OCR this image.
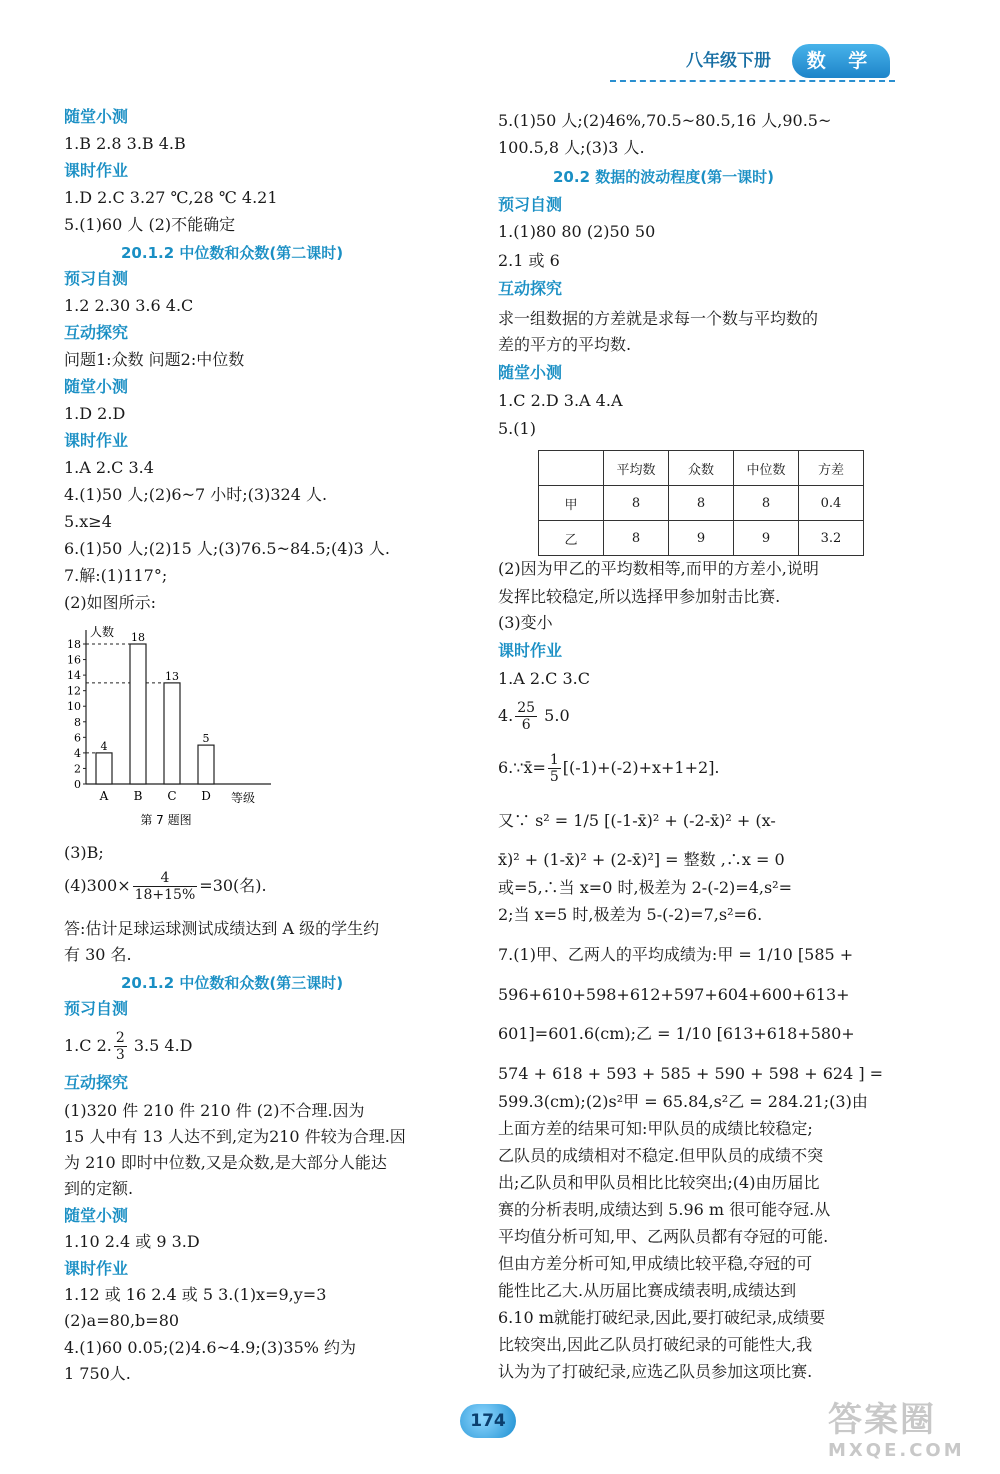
八年级下册	数 学
$(4)300\times \frac{4}{18+15\%} =30$(名).
1.C 2. $\frac{2}{3} 3.5$ 4.D
人数
等级
0
2
4
6
8
10
12
14
16
18
4
A
18
B
13
C
5
D
第 7 题图
随堂小测
1.B 2.8 3.B 4.B
课时作业
1.D 2.C 3.27 ℃,28 ℃ 4.21
5.(1)60 人 (2)不能确定
20.1.2 中位数和众数(第二课时)
预习自测
1.2 2.30 3.6 4.C
互动探究
问题1:众数 问题2:中位数
随堂小测
1.D 2.D
课时作业
1.A 2.C 3.4
4.(1)50 人;(2)6~7 小时;(3)324 人.
5.x≥4
6.(1)50 人;(2)15 人;(3)76.5~84.5;(4)3 人.
7.解:(1)117°;
(2)如图所示:
(3)B;
答:估计足球运球测试成绩达到 A 级的学生约
有 30 名.
20.1.2 中位数和众数(第三课时)
预习自测
互动探究
(1)320 件 210 件 210 件 (2)不合理.因为
15 人中有 13 人达不到,定为210 件较为合理.因
为 210 即时中位数,又是众数,是大部分人能达
到的定额.
随堂小测
1.10 2.4 或 9 3.D
课时作业
1.12 或 16 2.4 或 5 3.(1)x=9,y=3
(2)a=80,b=80
4.(1)60 0.05;(2)4.6~4.9;(3)35% 约为
1 750人.
4. $\frac{25}{6} 5.0$
6.∵x̄= $\frac{1}{5} [(-1)+(-2)+x+1+2]$.
	平均数	众数	中位数	方差
甲	8	8	8	0.4
乙	8	9	9	3.2
5.(1)50 人;(2)46%,70.5~80.5,16 人,90.5~
100.5,8 人;(3)3 人.
20.2 数据的波动程度(第一课时)
预习自测
1.(1)80 80 (2)50 50
2.1 或 6
互动探究
求一组数据的方差就是求每一个数与平均数的
差的平方的平均数.
随堂小测
1.C 2.D 3.A 4.A
5.(1)
(2)因为甲乙的平均数相等,而甲的方差小,说明
发挥比较稳定,所以选择甲参加射击比赛.
(3)变小
课时作业
1.A 2.C 3.C
又∵ s² = 1/5 [(-1-x̄)² + (-2-x̄)² + (x-
x̄)² + (1-x̄)² + (2-x̄)²] = 整数 ,∴x = 0
或=5,∴当 x=0 时,极差为 2-(-2)=4,s²=
2;当 x=5 时,极差为 5-(-2)=7,s²=6.
7.(1)甲、乙两人的平均成绩为:甲 = 1/10 [585 +
596+610+598+612+597+604+600+613+
601]=601.6(cm);乙 = 1/10 [613+618+580+
574 + 618 + 593 + 585 + 590 + 598 + 624 ] =
599.3(cm);(2)s²甲 = 65.84,s²乙 = 284.21;(3)由
上面方差的结果可知:甲队员的成绩比较稳定;
乙队员的成绩相对不稳定.但甲队员的成绩不突
出;乙队员和甲队员相比比较突出;(4)由历届比
赛的分析表明,成绩达到 5.96 m 很可能夺冠.从
平均值分析可知,甲、乙两队员都有夺冠的可能.
但由方差分析可知,甲成绩比较平稳,夺冠的可
能性比乙大.从历届比赛成绩表明,成绩达到
6.10 m就能打破纪录,因此,要打破纪录,成绩要
比较突出,因此乙队员打破纪录的可能性大,我
认为为了打破纪录,应选乙队员参加这项比赛.
174	答案圈
MXQE.COM
